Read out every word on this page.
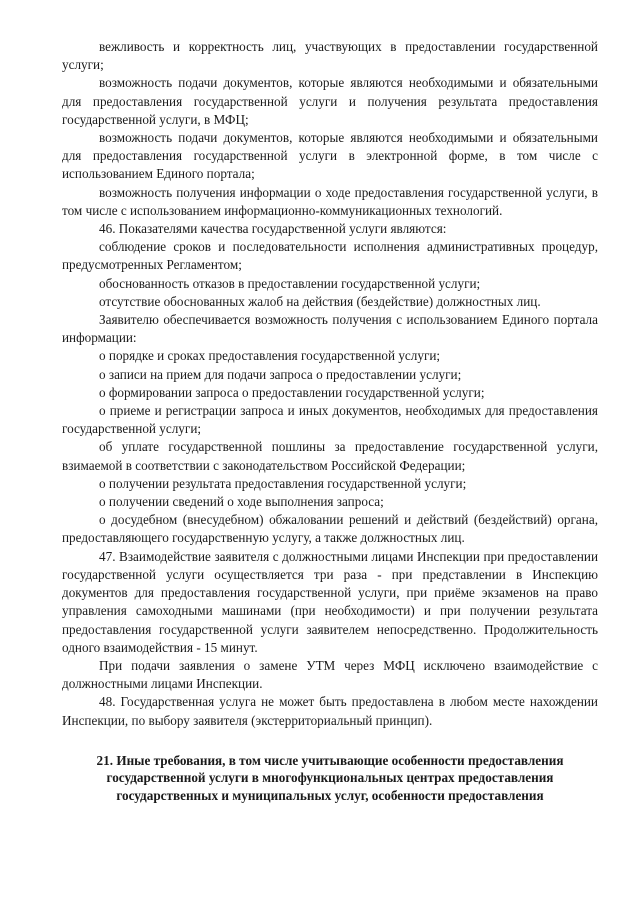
вежливость и корректность лиц, участвующих в предоставлении государственной услуги;

возможность подачи документов, которые являются необходимыми и обязательными для предоставления государственной услуги и получения результата предоставления государственной услуги, в МФЦ;

возможность подачи документов, которые являются необходимыми и обязательными для предоставления государственной услуги в электронной форме, в том числе с использованием Единого портала;

возможность получения информации о ходе предоставления государственной услуги, в том числе с использованием информационно-коммуникационных технологий.

46. Показателями качества государственной услуги являются:

соблюдение сроков и последовательности исполнения административных процедур, предусмотренных Регламентом;

обоснованность отказов в предоставлении государственной услуги;

отсутствие обоснованных жалоб на действия (бездействие) должностных лиц.

Заявителю обеспечивается возможность получения с использованием Единого портала информации:

о порядке и сроках предоставления государственной услуги;

о записи на прием для подачи запроса о предоставлении услуги;

о формировании запроса о предоставлении государственной услуги;

о приеме и регистрации запроса и иных документов, необходимых для предоставления государственной услуги;

об уплате государственной пошлины за предоставление государственной услуги, взимаемой в соответствии с законодательством Российской Федерации;

о получении результата предоставления государственной услуги;

о получении сведений о ходе выполнения запроса;

о досудебном (внесудебном) обжаловании решений и действий (бездействий) органа, предоставляющего государственную услугу, а также должностных лиц.

47. Взаимодействие заявителя с должностными лицами Инспекции при предоставлении государственной услуги осуществляется три раза - при представлении в Инспекцию документов для предоставления государственной услуги, при приёме экзаменов на право управления самоходными машинами (при необходимости) и при получении результата предоставления государственной услуги заявителем непосредственно. Продолжительность одного взаимодействия - 15 минут.

При подачи заявления о замене УТМ через МФЦ исключено взаимодействие с должностными лицами Инспекции.

48. Государственная услуга не может быть предоставлена в любом месте нахождении Инспекции, по выбору заявителя (экстерриториальный принцип).

21. Иные требования, в том числе учитывающие особенности предоставления
государственной услуги в многофункциональных центрах предоставления
государственных и муниципальных услуг, особенности предоставления
